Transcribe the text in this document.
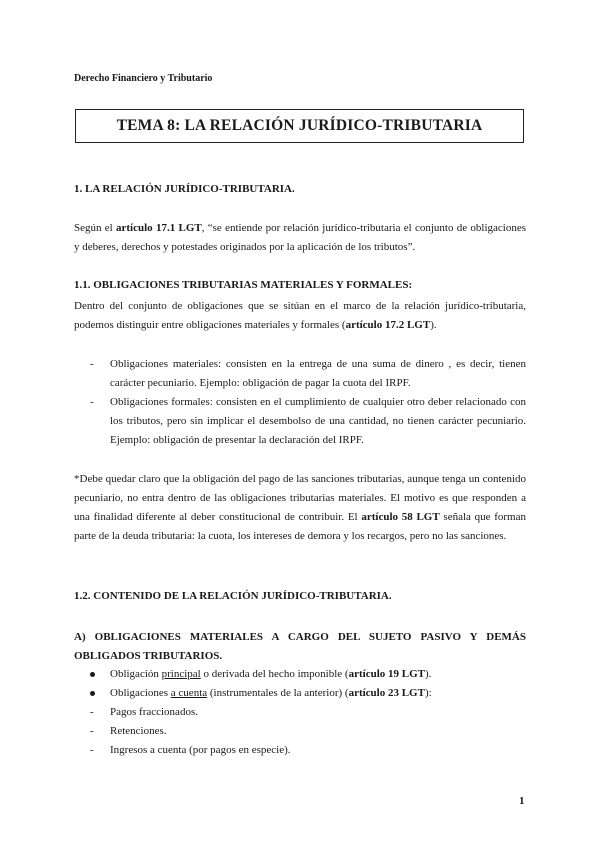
Derecho Financiero y Tributario
TEMA 8: LA RELACIÓN JURÍDICO-TRIBUTARIA
1. LA RELACIÓN JURÍDICO-TRIBUTARIA.

Según el artículo 17.1 LGT, “se entiende por relación jurídico-tributaria el conjunto de obligaciones y deberes, derechos y potestades originados por la aplicación de los tributos”.

1.1. OBLIGACIONES TRIBUTARIAS MATERIALES Y FORMALES:

Dentro del conjunto de obligaciones que se sitúan en el marco de la relación jurídico-tributaria, podemos distinguir entre obligaciones materiales y formales (artículo 17.2 LGT).

- Obligaciones materiales: consisten en la entrega de una suma de dinero , es decir, tienen carácter pecuniario. Ejemplo: obligación de pagar la cuota del IRPF.
- Obligaciones formales: consisten en el cumplimiento de cualquier otro deber relacionado con los tributos, pero sin implicar el desembolso de una cantidad, no tienen carácter pecuniario. Ejemplo: obligación de presentar la declaración del IRPF.

*Debe quedar claro que la obligación del pago de las sanciones tributarias, aunque tenga un contenido pecuniario, no entra dentro de las obligaciones tributarias materiales. El motivo es que responden a una finalidad diferente al deber constitucional de contribuir. El artículo 58 LGT señala que forman parte de la deuda tributaria: la cuota, los intereses de demora y los recargos, pero no las sanciones.

1.2. CONTENIDO DE LA RELACIÓN JURÍDICO-TRIBUTARIA.

A) OBLIGACIONES MATERIALES A CARGO DEL SUJETO PASIVO Y DEMÁS OBLIGADOS TRIBUTARIOS.

Obligación principal o derivada del hecho imponible (artículo 19 LGT).
Obligaciones a cuenta (instrumentales de la anterior) (artículo 23 LGT):
- Pagos fraccionados.
- Retenciones.
- Ingresos a cuenta (por pagos en especie).
1
